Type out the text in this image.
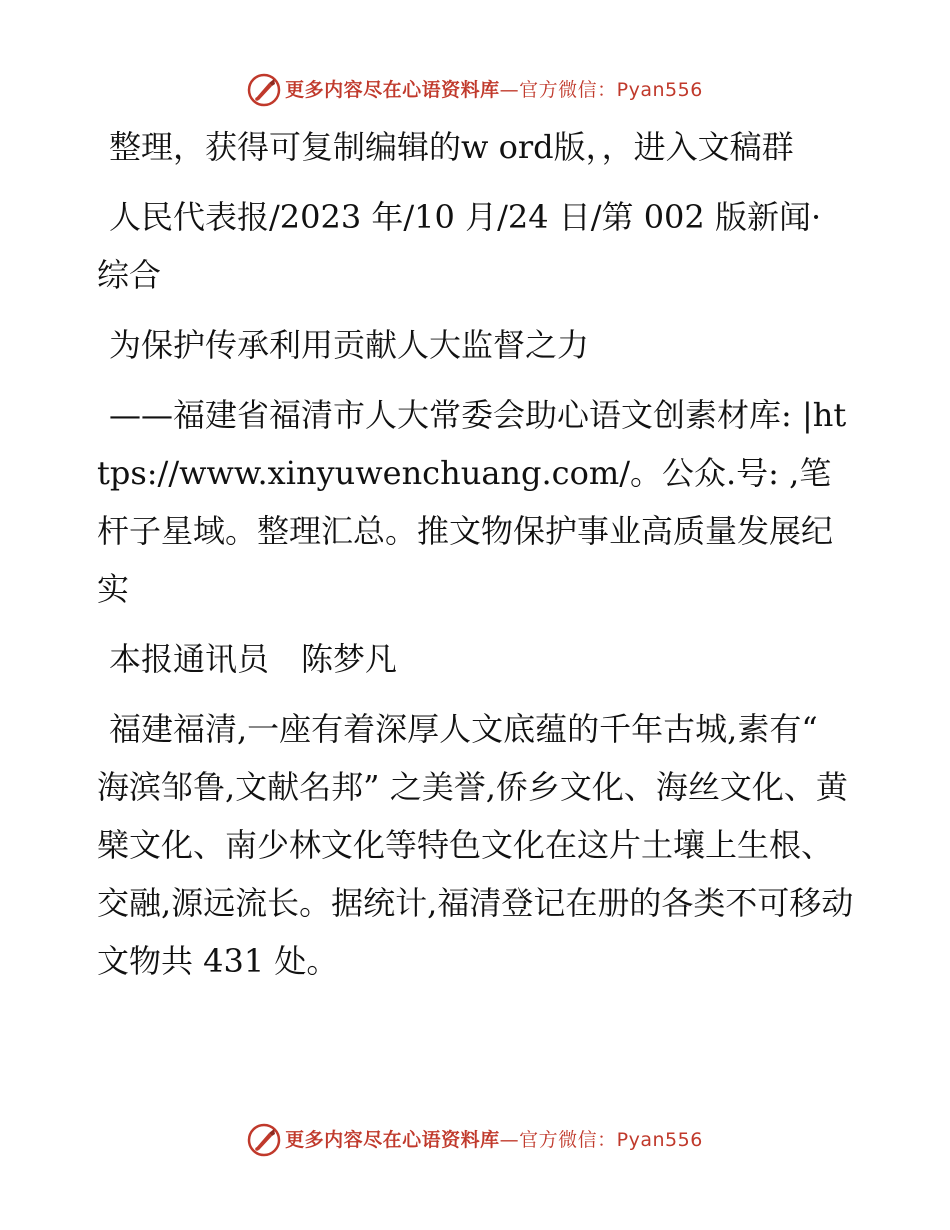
更多内容尽在心语资料库 —官方微信：Pyan556

整理，获得可复制编辑的w ord版，，进入文稿群

人民代表报/2023 年/10 月/24 日/第 002 版新闻· 综合

为保护传承利用贡献人大监督之力

——福建省福清市人大常委会助心语文创素材库: |https://www.xinyuwenchuang.com/。公众.号: ,笔杆子星域。整理汇总。推文物保护事业高质量发展纪实

本报通讯员　陈梦凡

福建福清,一座有着深厚人文底蕴的千年古城,素有“ 海滨邹鲁,文献名邦” 之美誉,侨乡文化、海丝文化、黄檗文化、南少林文化等特色文化在这片土壤上生根、交融,源远流长。据统计,福清登记在册的各类不可移动文物共 431 处。

更多内容尽在心语资料库 —官方微信：Pyan556
